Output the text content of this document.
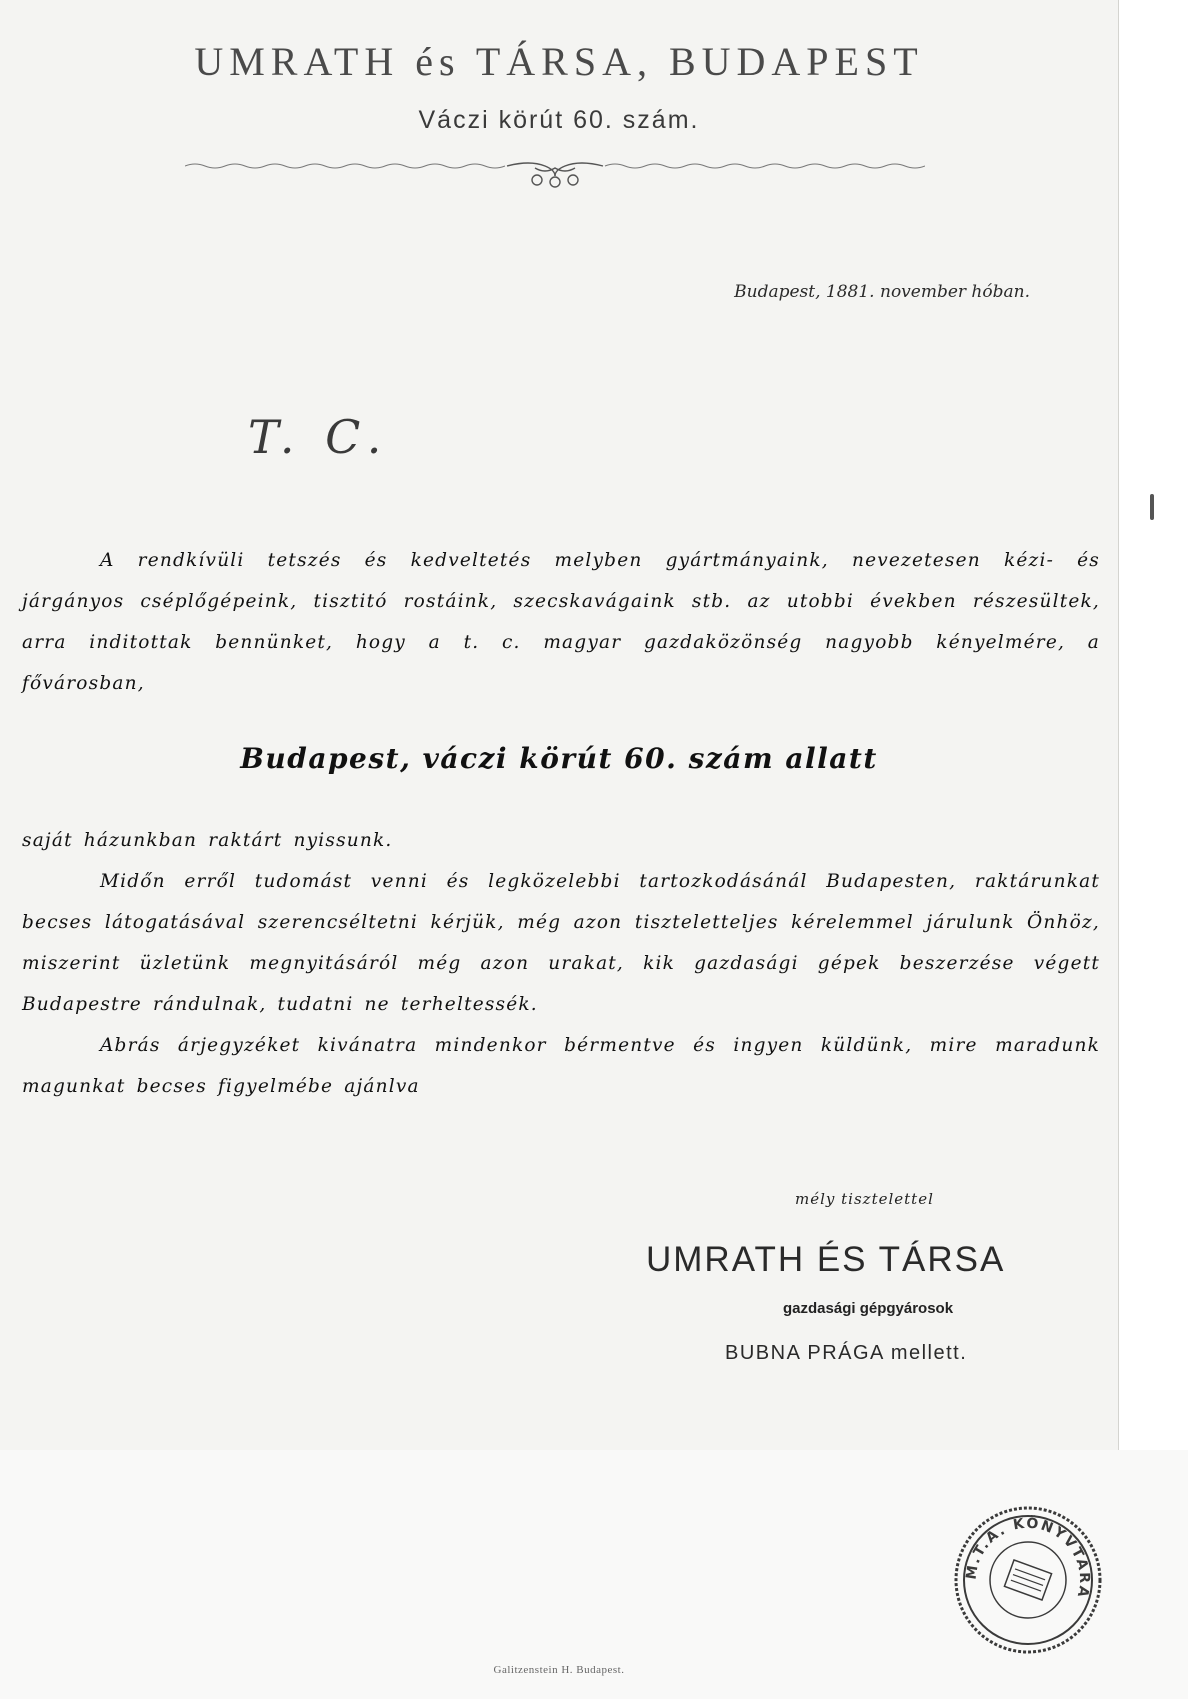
UMRATH és TÁRSA, BUDAPEST
Váczi körút 60. szám.
Budapest, 1881. november hóban.
T. C.

A rendkívüli tetszés és kedveltetés melyben gyártmányaink, nevezetesen kézi- és járgányos cséplőgépeink, tisztitó rostáink, szecskavágaink stb. az utobbi években részesültek, arra inditottak bennünket, hogy a t. c. magyar gazdaközönség nagyobb kényelmére, a fővárosban,

Budapest, váczi körút 60. szám allatt

saját házunkban raktárt nyissunk.

Midőn erről tudomást venni és legközelebbi tartozkodásánál Budapesten, raktárunkat becses látogatásával szerencséltetni kérjük, még azon tisztelettelјes kérelemmel járulunk Önhöz, miszerint üzletünk megnyitásáról még azon urakat, kik gazdasági gépek beszerzése végett Budapestre rándulnak, tudatni ne terheltessék.

Abrás árjegyzéket kivánatra mindenkor bérmentve és ingyen küldünk, mire maradunk magunkat becses figyelmébe ajánlva

mély tisztelettel
UMRATH ÉS TÁRSA
gazdasági gépgyárosok
BUBNA PRÁGA mellett.
M.T.A. KÖNYVTÁRA
Galitzenstein H. Budapest.
